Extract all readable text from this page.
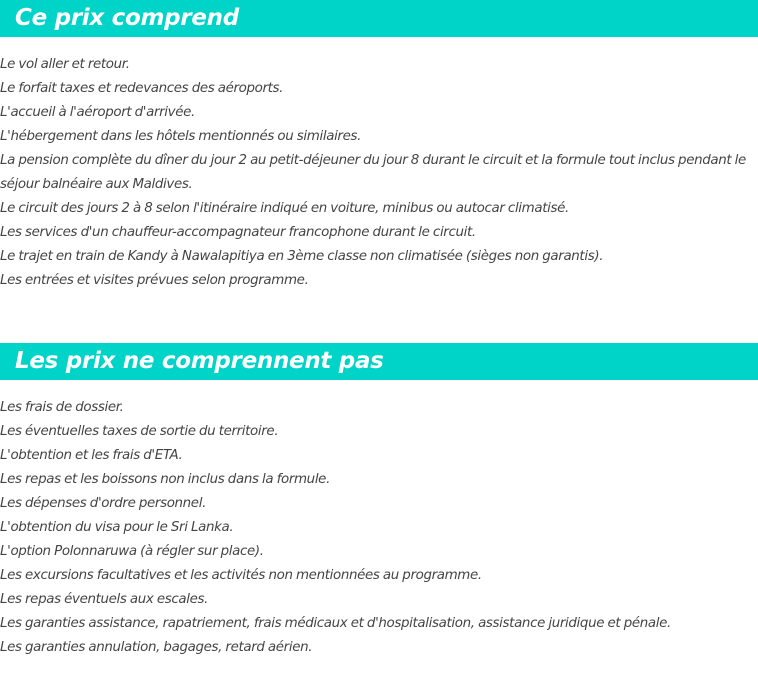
Ce prix comprend
Le vol aller et retour.
Le forfait taxes et redevances des aéroports.
L'accueil à l'aéroport d'arrivée.
L'hébergement dans les hôtels mentionnés ou similaires.
La pension complète du dîner du jour 2 au petit-déjeuner du jour 8 durant le circuit et la formule tout inclus pendant le séjour balnéaire aux Maldives.
Le circuit des jours 2 à 8 selon l'itinéraire indiqué en voiture, minibus ou autocar climatisé.
Les services d'un chauffeur-accompagnateur francophone durant le circuit.
Le trajet en train de Kandy à Nawalapitiya en 3ème classe non climatisée (sièges non garantis).
Les entrées et visites prévues selon programme.
Les prix ne comprennent pas
Les frais de dossier.
Les éventuelles taxes de sortie du territoire.
L'obtention et les frais d'ETA.
Les repas et les boissons non inclus dans la formule.
Les dépenses d'ordre personnel.
L'obtention du visa pour le Sri Lanka.
L'option Polonnaruwa (à régler sur place).
Les excursions facultatives et les activités non mentionnées au programme.
Les repas éventuels aux escales.
Les garanties assistance, rapatriement, frais médicaux et d'hospitalisation, assistance juridique et pénale.
Les garanties annulation, bagages, retard aérien.
